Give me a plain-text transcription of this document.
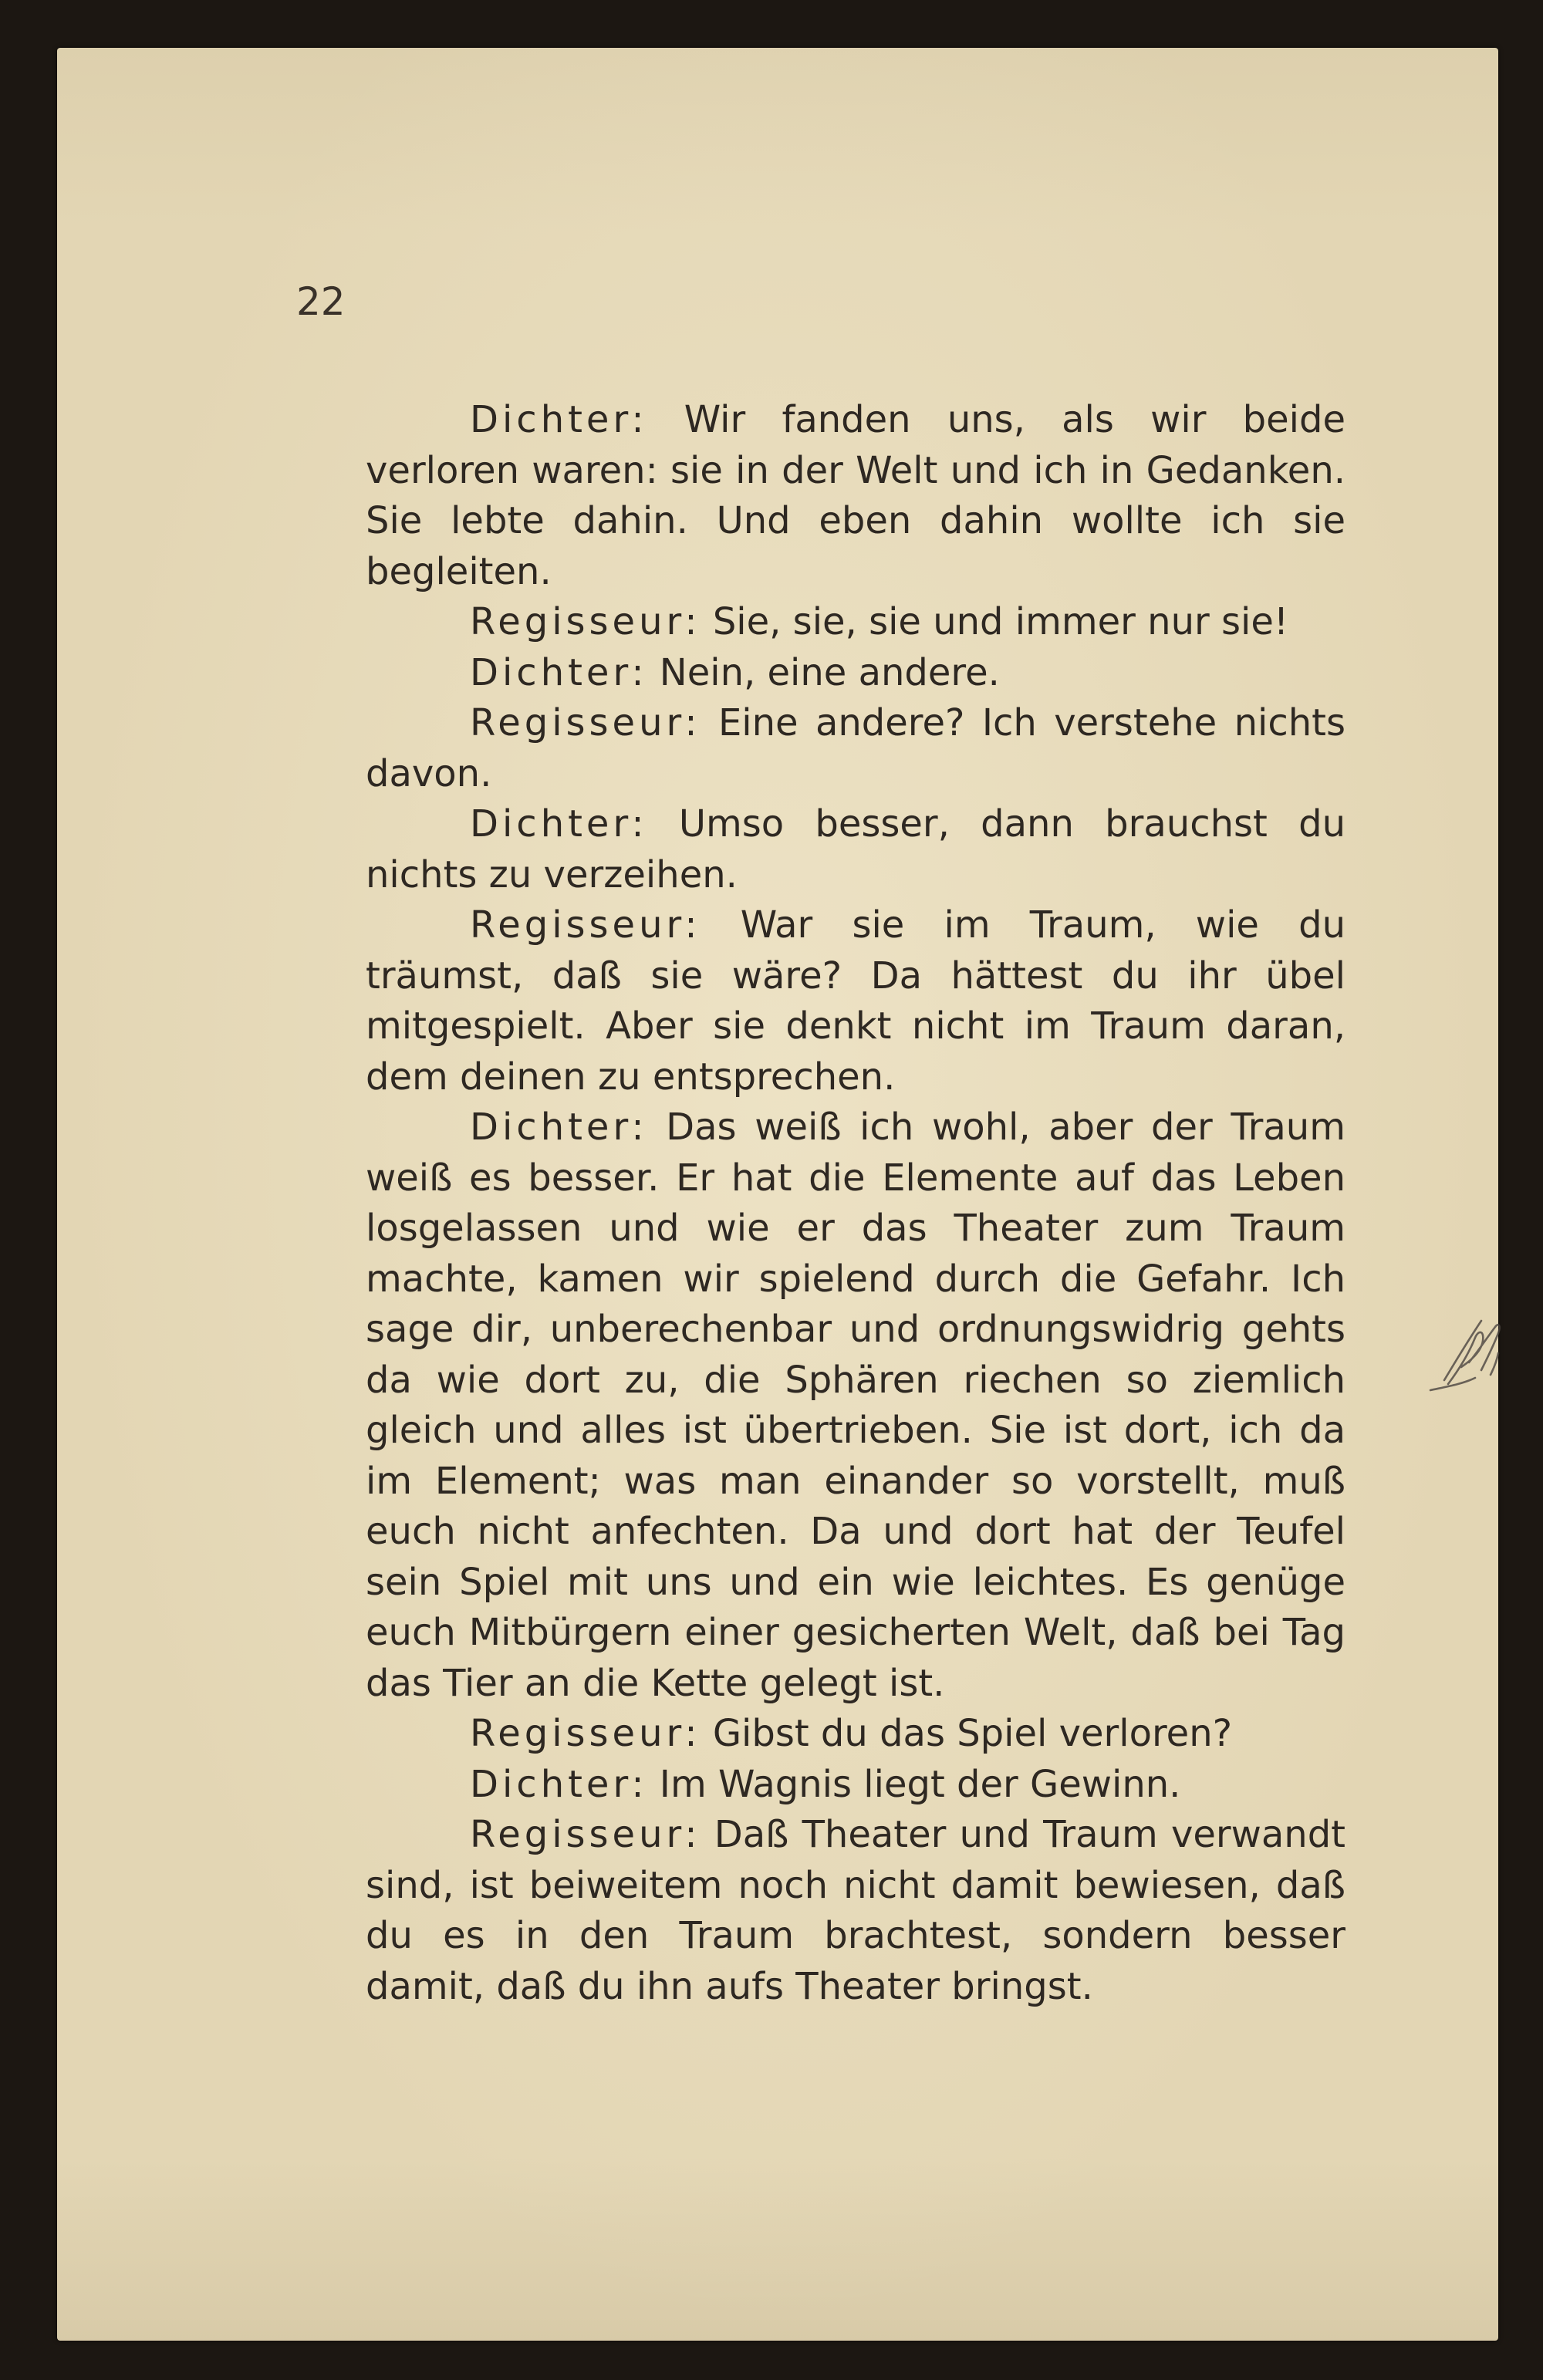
22

Dichter: Wir fanden uns, als wir beide verloren waren: sie in der Welt und ich in Gedanken. Sie lebte dahin. Und eben dahin wollte ich sie begleiten.

Regisseur: Sie, sie, sie und immer nur sie!

Dichter: Nein, eine andere.

Regisseur: Eine andere? Ich verstehe nichts davon.

Dichter: Umso besser, dann brauchst du nichts zu verzeihen.

Regisseur: War sie im Traum, wie du träumst, daß sie wäre? Da hättest du ihr übel mitgespielt. Aber sie denkt nicht im Traum daran, dem deinen zu entsprechen.

Dichter: Das weiß ich wohl, aber der Traum weiß es besser. Er hat die Elemente auf das Leben losgelassen und wie er das Theater zum Traum machte, kamen wir spielend durch die Gefahr. Ich sage dir, unberechenbar und ordnungswidrig gehts da wie dort zu, die Sphären riechen so ziemlich gleich und alles ist übertrieben. Sie ist dort, ich da im Element; was man einander so vorstellt, muß euch nicht anfechten. Da und dort hat der Teufel sein Spiel mit uns und ein wie leichtes. Es genüge euch Mitbürgern einer gesicherten Welt, daß bei Tag das Tier an die Kette gelegt ist.

Regisseur: Gibst du das Spiel verloren?

Dichter: Im Wagnis liegt der Gewinn.

Regisseur: Daß Theater und Traum verwandt sind, ist beiweitem noch nicht damit bewiesen, daß du es in den Traum brachtest, sondern besser damit, daß du ihn aufs Theater bringst.
